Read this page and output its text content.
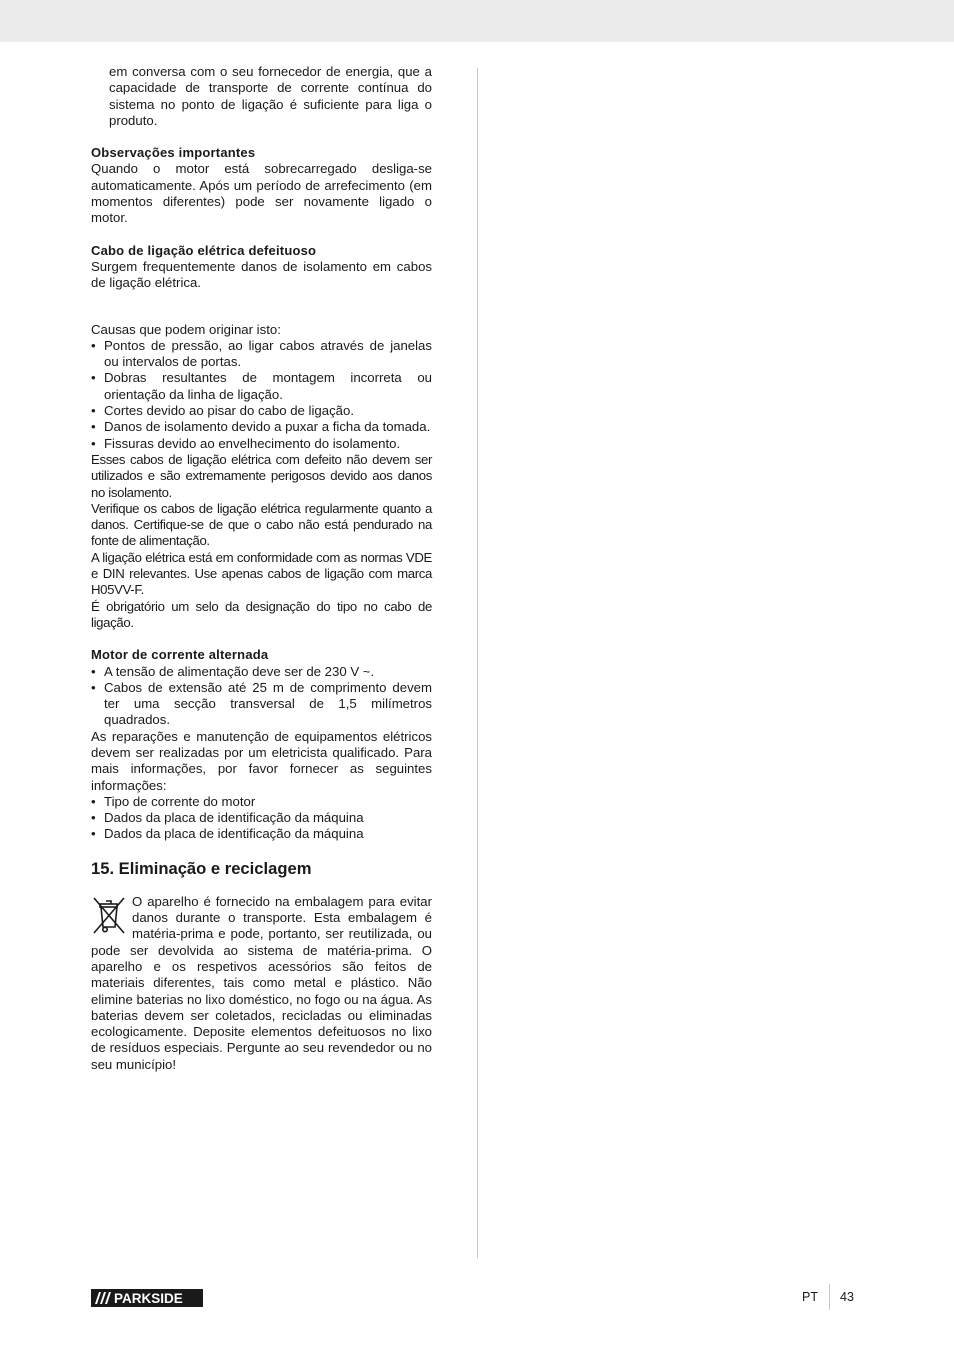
em conversa com o seu fornecedor de energia, que a capacidade de transporte de corrente contínua do sistema no ponto de ligação é suficiente para liga o produto.

Observações importantes

Quando o motor está sobrecarregado desliga-se automaticamente. Após um período de arrefecimento (em momentos diferentes) pode ser novamente ligado o motor.

Cabo de ligação elétrica defeituoso

Surgem frequentemente danos de isolamento em cabos de ligação elétrica.

Causas que podem originar isto:

• Pontos de pressão, ao ligar cabos através de janelas ou intervalos de portas.
• Dobras resultantes de montagem incorreta ou orientação da linha de ligação.
• Cortes devido ao pisar do cabo de ligação.
• Danos de isolamento devido a puxar a ficha da tomada.
• Fissuras devido ao envelhecimento do isolamento.

Esses cabos de ligação elétrica com defeito não devem ser utilizados e são extremamente perigosos devido aos danos no isolamento.

Verifique os cabos de ligação elétrica regularmente quanto a danos. Certifique-se de que o cabo não está pendurado na fonte de alimentação.

A ligação elétrica está em conformidade com as normas VDE e DIN relevantes. Use apenas cabos de ligação com marca H05VV-F.

É obrigatório um selo da designação do tipo no cabo de ligação.

Motor de corrente alternada

• A tensão de alimentação deve ser de 230 V ~.
• Cabos de extensão até 25 m de comprimento devem ter uma secção transversal de 1,5 milímetros quadrados.

As reparações e manutenção de equipamentos elétricos devem ser realizadas por um eletricista qualificado. Para mais informações, por favor fornecer as seguintes informações:

• Tipo de corrente do motor
• Dados da placa de identificação da máquina
• Dados da placa de identificação da máquina

15. Eliminação e reciclagem

O aparelho é fornecido na embalagem para evitar danos durante o transporte. Esta embalagem é matéria-prima e pode, portanto, ser reutilizada, ou pode ser devolvida ao sistema de matéria-prima. O aparelho e os respetivos acessórios são feitos de materiais diferentes, tais como metal e plástico. Não elimine baterias no lixo doméstico, no fogo ou na água. As baterias devem ser coletados, recicladas ou eliminadas ecologicamente. Deposite elementos defeituosos no lixo de resíduos especiais. Pergunte ao seu revendedor ou no seu município!

PARKSIDE	PT 43
